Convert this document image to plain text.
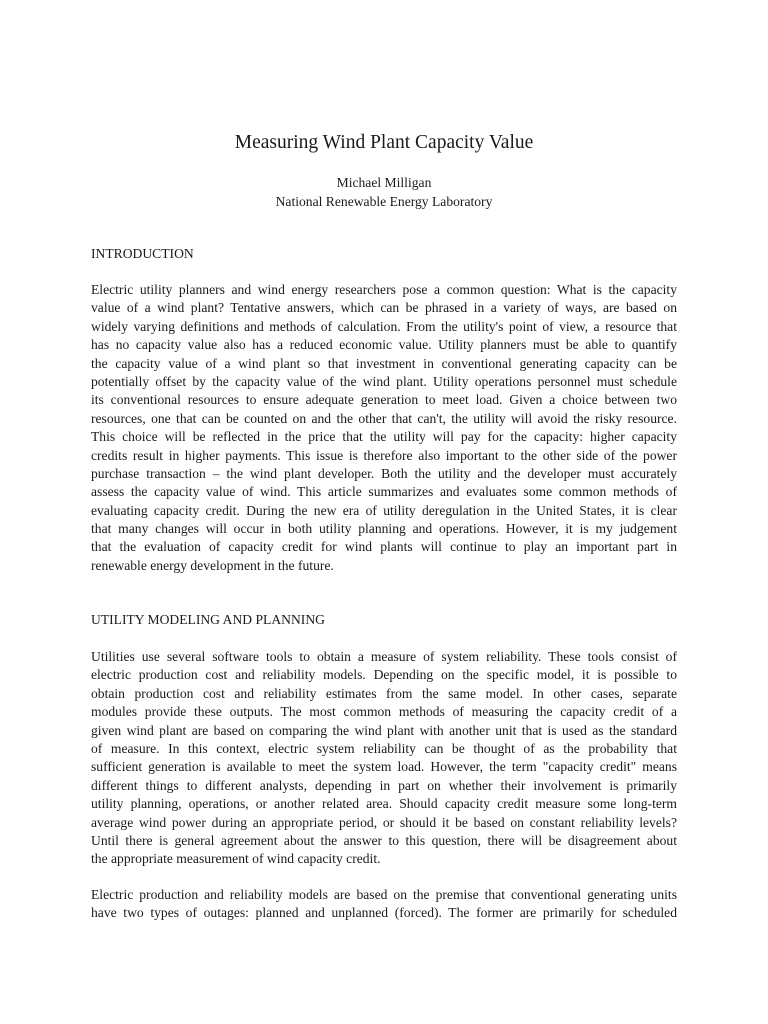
Measuring Wind Plant Capacity Value
Michael Milligan
National Renewable Energy Laboratory
INTRODUCTION
Electric utility planners and wind energy researchers pose a common question: What is the capacity
value of a wind plant? Tentative answers, which can be phrased in a variety of ways, are based on
widely varying definitions and methods of calculation. From the utility's point of view, a resource that
has no capacity value also has a reduced economic value. Utility planners must be able to quantify
the capacity value of a wind plant so that investment in conventional generating capacity can be
potentially offset by the capacity value of the wind plant. Utility operations personnel must schedule
its conventional resources to ensure adequate generation to meet load. Given a choice between two
resources, one that can be counted on and the other that can't, the utility will avoid the risky resource.
This choice will be reflected in the price that the utility will pay for the capacity: higher capacity
credits result in higher payments. This issue is therefore also important to the other side of the power
purchase transaction – the wind plant developer. Both the utility and the developer must accurately
assess the capacity value of wind. This article summarizes and evaluates some common methods of
evaluating capacity credit. During the new era of utility deregulation in the United States, it is clear
that many changes will occur in both utility planning and operations. However, it is my judgement
that the evaluation of capacity credit for wind plants will continue to play an important part in
renewable energy development in the future.
UTILITY MODELING AND PLANNING
Utilities use several software tools to obtain a measure of system reliability. These tools consist of
electric production cost and reliability models. Depending on the specific model, it is possible to
obtain production cost and reliability estimates from the same model. In other cases, separate
modules provide these outputs. The most common methods of measuring the capacity credit of a
given wind plant are based on comparing the wind plant with another unit that is used as the standard
of measure. In this context, electric system reliability can be thought of as the probability that
sufficient generation is available to meet the system load. However, the term "capacity credit" means
different things to different analysts, depending in part on whether their involvement is primarily
utility planning, operations, or another related area. Should capacity credit measure some long-term
average wind power during an appropriate period, or should it be based on constant reliability levels?
Until there is general agreement about the answer to this question, there will be disagreement about
the appropriate measurement of wind capacity credit.
Electric production and reliability models are based on the premise that conventional generating units
have two types of outages: planned and unplanned (forced). The former are primarily for scheduled
